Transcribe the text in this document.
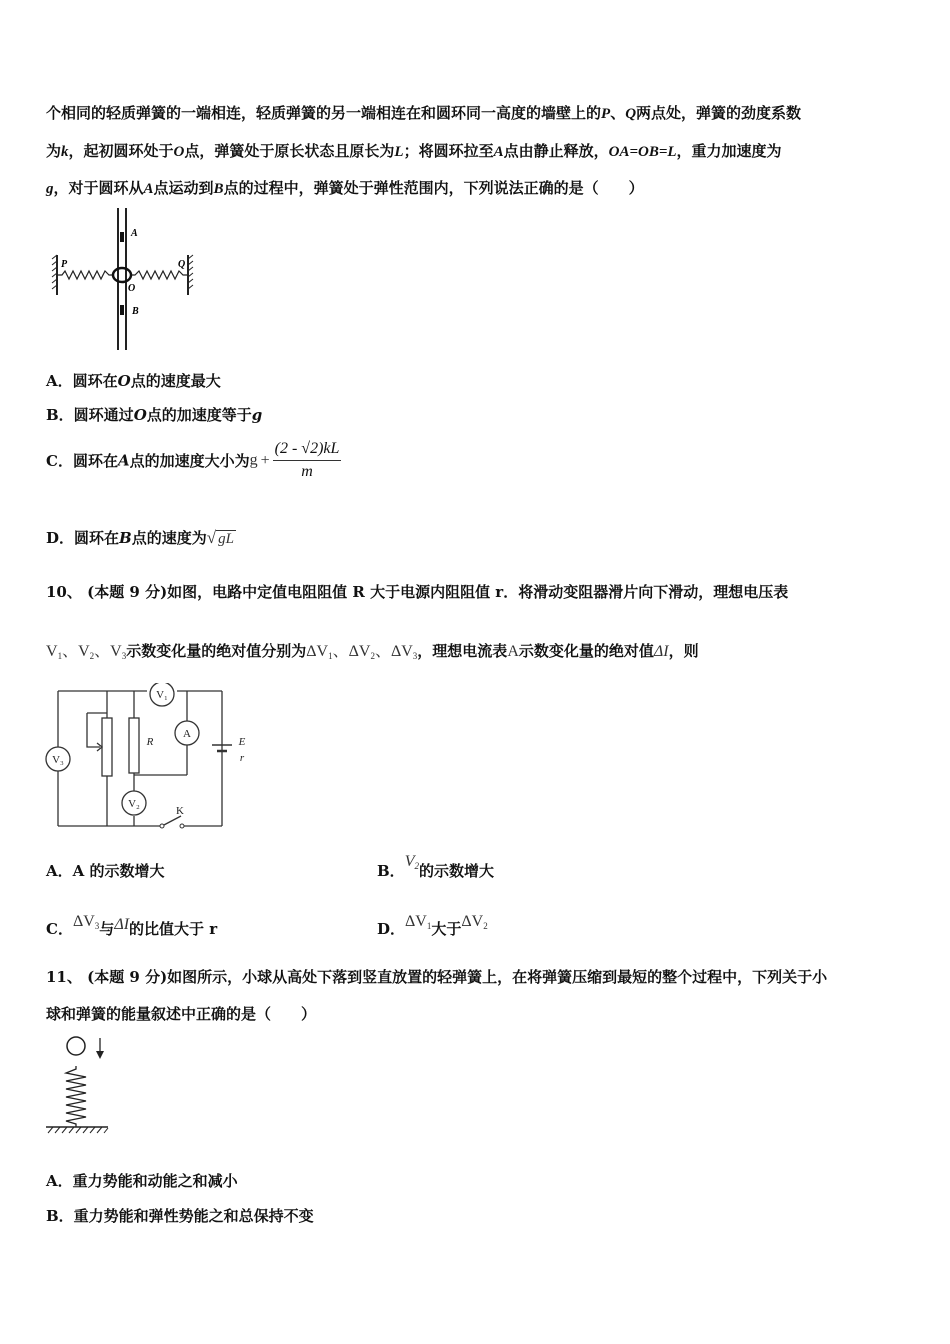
个相同的轻质弹簧的一端相连，轻质弹簧的另一端相连在和圆环同一高度的墙壁上的P、Q两点处，弹簧的劲度系数
为k，起初圆环处于O点，弹簧处于原长状态且原长为L；将圆环拉至A点由静止释放，OA=OB=L，重力加速度为
g，对于圆环从A点运动到B点的过程中，弹簧处于弹性范围内，下列说法正确的是（　　）
A
P	Q
O
B
A．圆环在O点的速度最大
B．圆环通过O点的加速度等于g
C．圆环在A点的加速度大小为$g + \frac{(2 - √2)kL}{m}$
D．圆环在B点的速度为√ gL
10、 (本题 9 分)如图，电路中定值电阻阻值 R 大于电源内阻阻值 r．将滑动变阻器滑片向下滑动，理想电压表
$V_1$、$V_2$、$V_3$示数变化量的绝对值分别为$\Delta V_1$、$\Delta V_2$、$\Delta V_3$，理想电流表A示数变化量的绝对值ΔI，则
V₁
A
V₃
V₂
R	E
r
K
A．A 的示数增大	B．$V_2$的示数增大
C．$\Delta V_3$与ΔI的比值大于 r	D．$\Delta V_1$大于$\Delta V_2$
11、 (本题 9 分)如图所示，小球从高处下落到竖直放置的轻弹簧上，在将弹簧压缩到最短的整个过程中，下列关于小
球和弹簧的能量叙述中正确的是（　　）
A．重力势能和动能之和减小
B．重力势能和弹性势能之和总保持不变
